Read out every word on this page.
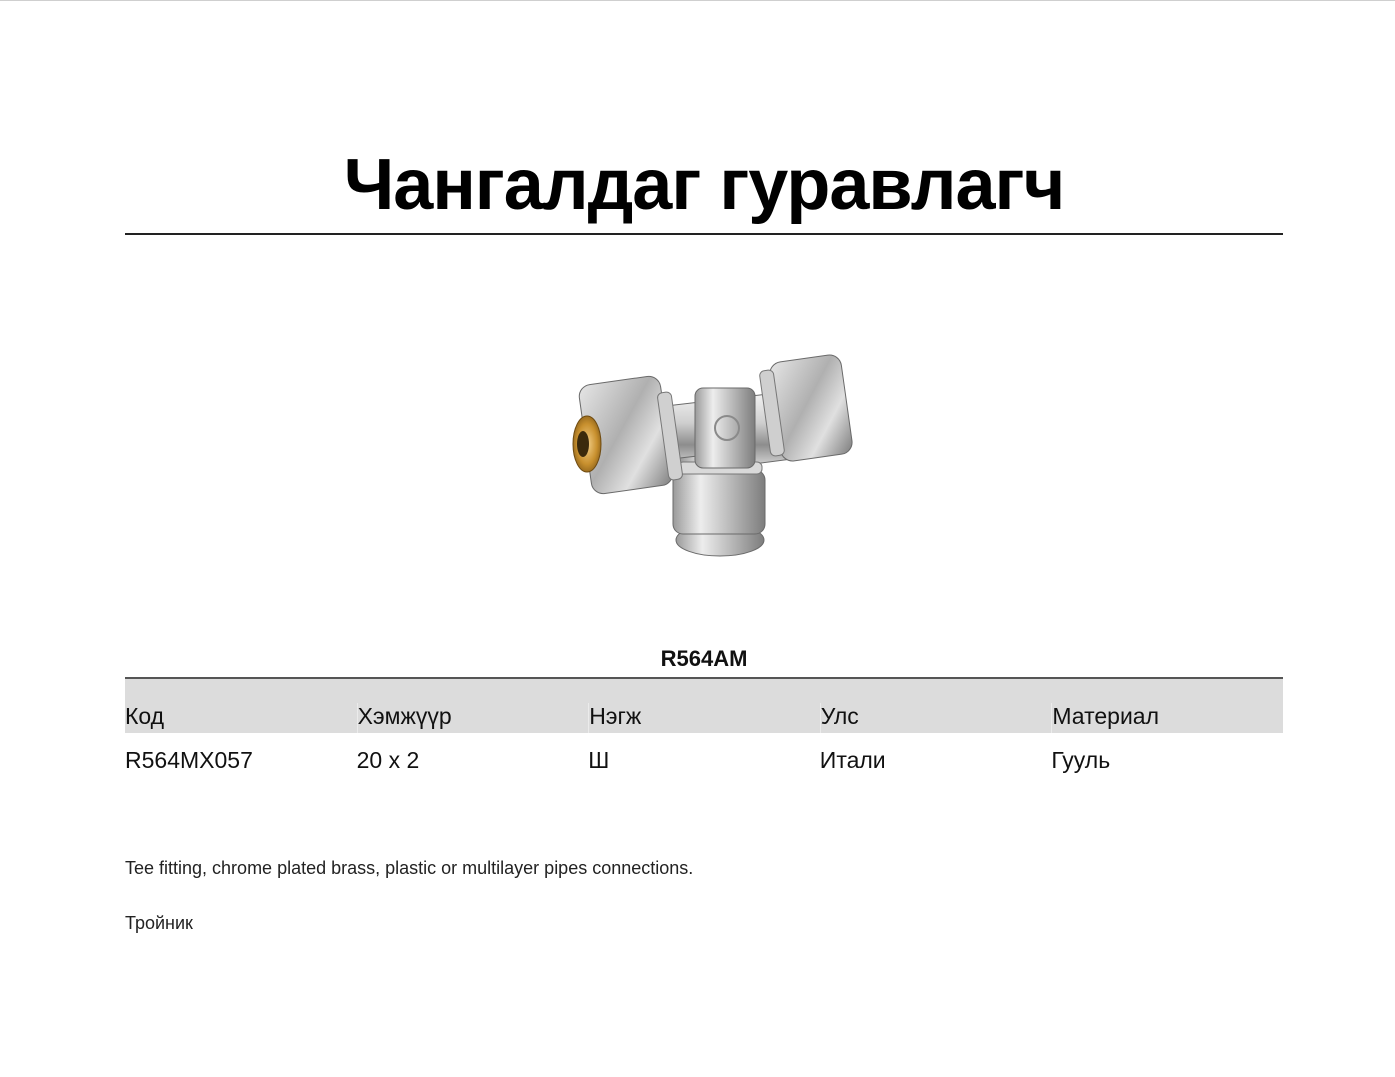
Чангалдаг гуравлагч
R564AM
Код	Хэмжүүр	Нэгж	Улс	Материал
R564MX057	20 x 2	Ш	Итали	Гууль
Tee fitting, chrome plated brass, plastic or multilayer pipes connections.
Тройник
